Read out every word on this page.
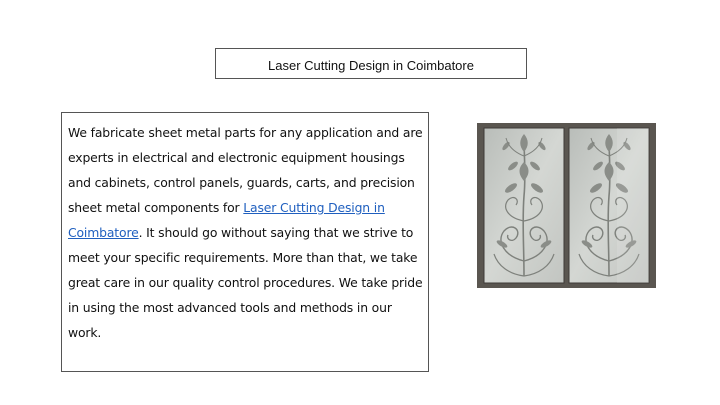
Laser Cutting Design in Coimbatore
We fabricate sheet metal parts for any application and are experts in electrical and electronic equipment housings and cabinets, control panels, guards, carts, and precision sheet metal components for Laser Cutting Design in Coimbatore. It should go without saying that we strive to meet your specific requirements. More than that, we take great care in our quality control procedures. We take pride in using the most advanced tools and methods in our work.
